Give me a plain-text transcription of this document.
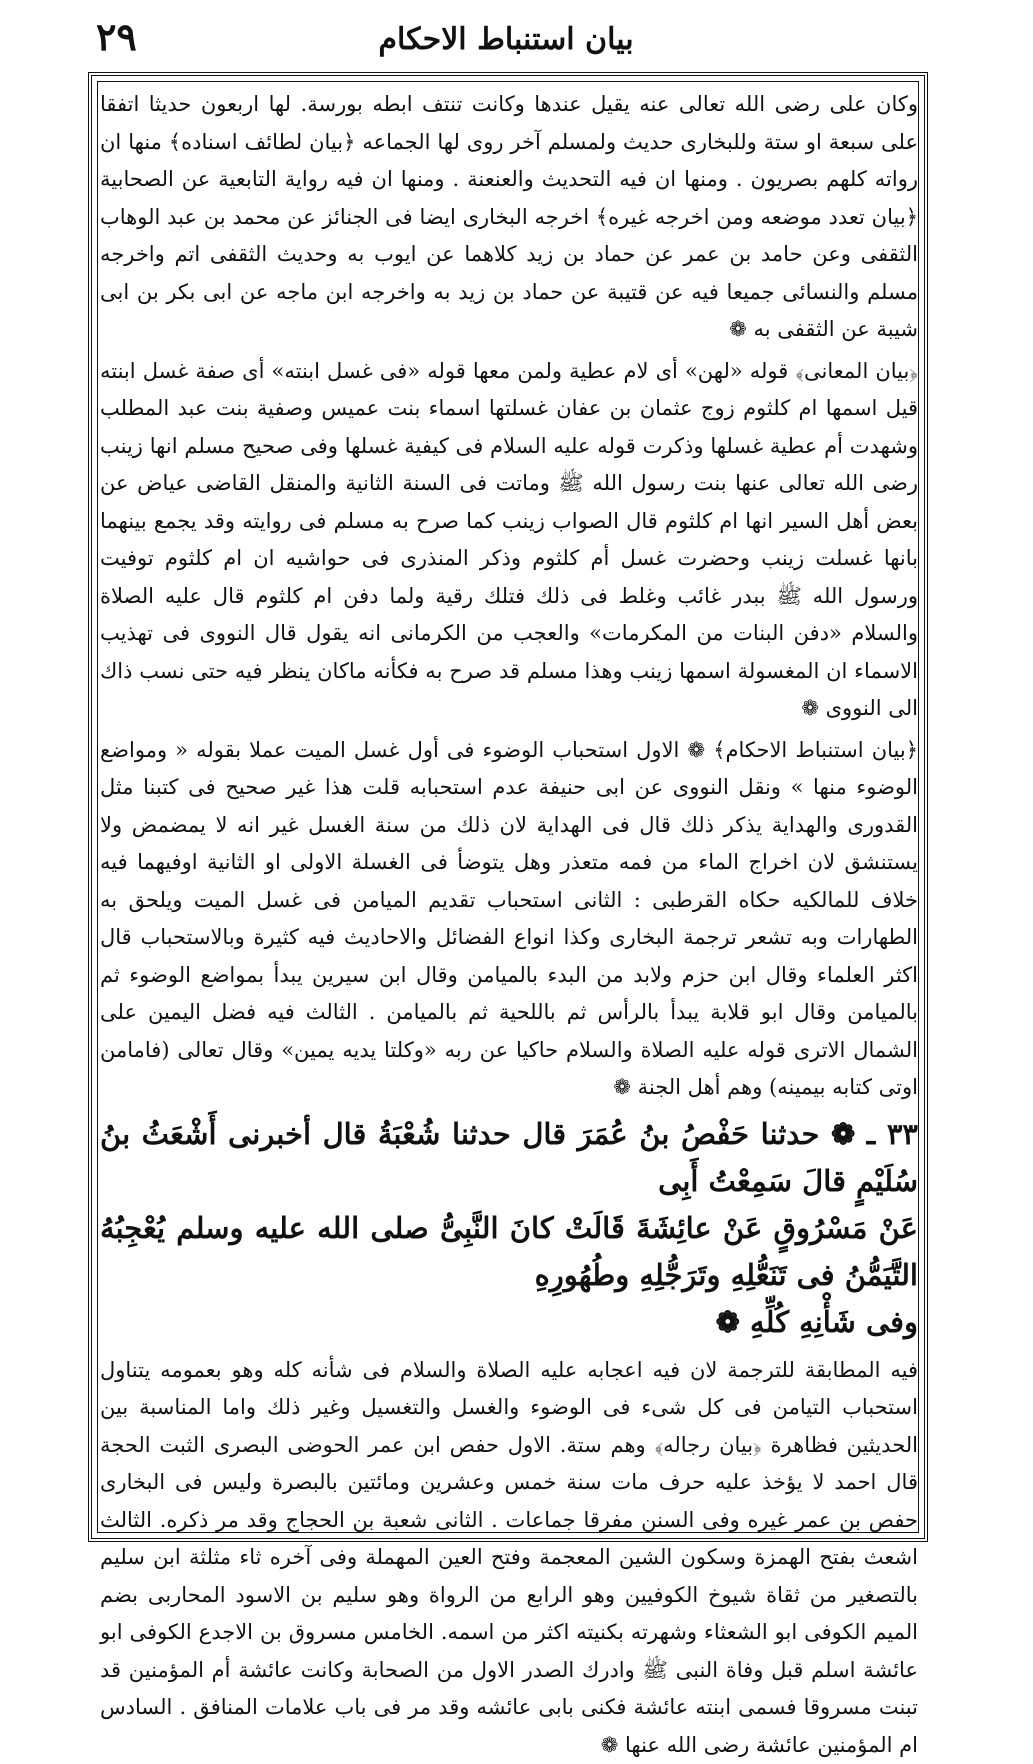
بيان استنباط الاحكام
٢٩

وكان على رضى الله تعالى عنه يقيل عندها وكانت تنتف ابطه بورسة. لها اربعون حديثا اتفقا على سبعة او ستة وللبخارى حديث ولمسلم آخر روى لها الجماعه ﴿بيان لطائف اسناده﴾ منها ان رواته كلهم بصريون . ومنها ان فيه التحديث والعنعنة . ومنها ان فيه رواية التابعية عن الصحابية ﴿بيان تعدد موضعه ومن اخرجه غيره﴾ اخرجه البخارى ايضا فى الجنائز عن محمد بن عبد الوهاب الثقفى وعن حامد بن عمر عن حماد بن زيد كلاهما عن ايوب به وحديث الثقفى اتم واخرجه مسلم والنسائى جميعا فيه عن قتيبة عن حماد بن زيد به واخرجه ابن ماجه عن ابى بكر بن ابى شيبة عن الثقفى به ❁

﴿بيان المعانى﴾ قوله «لهن» أى لام عطية ولمن معها قوله «فى غسل ابنته» أى صفة غسل ابنته قيل اسمها ام كلثوم زوج عثمان بن عفان غسلتها اسماء بنت عميس وصفية بنت عبد المطلب وشهدت أم عطية غسلها وذكرت قوله عليه السلام فى كيفية غسلها وفى صحيح مسلم انها زينب رضى الله تعالى عنها بنت رسول الله ﷺ وماتت فى السنة الثانية والمنقل القاضى عياض عن بعض أهل السير انها ام كلثوم قال الصواب زينب كما صرح به مسلم فى روايته وقد يجمع بينهما بانها غسلت زينب وحضرت غسل أم كلثوم وذكر المنذرى فى حواشيه ان ام كلثوم توفيت ورسول الله ﷺ ببدر غائب وغلط فى ذلك فتلك رقية ولما دفن ام كلثوم قال عليه الصلاة والسلام «دفن البنات من المكرمات» والعجب من الكرمانى انه يقول قال النووى فى تهذيب الاسماء ان المغسولة اسمها زينب وهذا مسلم قد صرح به فكأنه ماكان ينظر فيه حتى نسب ذاك الى النووى ❁

﴿بيان استنباط الاحكام﴾ ❁ الاول استحباب الوضوء فى أول غسل الميت عملا بقوله « ومواضع الوضوء منها » ونقل النووى عن ابى حنيفة عدم استحبابه قلت هذا غير صحيح فى كتبنا مثل القدورى والهداية يذكر ذلك قال فى الهداية لان ذلك من سنة الغسل غير انه لا يمضمض ولا يستنشق لان اخراج الماء من فمه متعذر وهل يتوضأ فى الغسلة الاولى او الثانية اوفيهما فيه خلاف للمالكيه حكاه القرطبى : الثانى استحباب تقديم الميامن فى غسل الميت ويلحق به الطهارات وبه تشعر ترجمة البخارى وكذا انواع الفضائل والاحاديث فيه كثيرة وبالاستحباب قال اكثر العلماء وقال ابن حزم ولابد من البدء بالميامن وقال ابن سيرين يبدأ بمواضع الوضوء ثم بالميامن وقال ابو قلابة يبدأ بالرأس ثم باللحية ثم بالميامن . الثالث فيه فضل اليمين على الشمال الاترى قوله عليه الصلاة والسلام حاكيا عن ربه «وكلتا يديه يمين» وقال تعالى (فامامن اوتى كتابه بيمينه) وهم أهل الجنة ❁

٣٣ ـ ❁ حدثنا حَفْصُ بنُ عُمَرَ قال حدثنا شُعْبَةُ قال أخبرنى أَشْعَثُ بنُ سُلَيْمٍ قالَ سَمِعْتُ أَبِى
عَنْ مَسْرُوقٍ عَنْ عائِشَةَ قَالَتْ كانَ النَّبِىُّ صلى الله عليه وسلم يُعْجِبُهُ التَّيَمُّنُ فى تَنَعُّلِهِ وتَرَجُّلِهِ وطُهُورِهِ
وفى شَأْنِهِ كُلِّهِ ❁

فيه المطابقة للترجمة لان فيه اعجابه عليه الصلاة والسلام فى شأنه كله وهو بعمومه يتناول استحباب التيامن فى كل شىء فى الوضوء والغسل والتغسيل وغير ذلك واما المناسبة بين الحديثين فظاهرة ﴿بيان رجاله﴾ وهم ستة. الاول حفص ابن عمر الحوضى البصرى الثبت الحجة قال احمد لا يؤخذ عليه حرف مات سنة خمس وعشرين ومائتين بالبصرة وليس فى البخارى حفص بن عمر غيره وفى السنن مفرقا جماعات . الثانى شعبة بن الحجاج وقد مر ذكره. الثالث اشعث بفتح الهمزة وسكون الشين المعجمة وفتح العين المهملة وفى آخره ثاء مثلثة ابن سليم بالتصغير من ثقاة شيوخ الكوفيين وهو الرابع من الرواة وهو سليم بن الاسود المحاربى بضم الميم الكوفى ابو الشعثاء وشهرته بكنيته اكثر من اسمه. الخامس مسروق بن الاجدع الكوفى ابو عائشة اسلم قبل وفاة النبى ﷺ وادرك الصدر الاول من الصحابة وكانت عائشة أم المؤمنين قد تبنت مسروقا فسمى ابنته عائشة فكنى بابى عائشه وقد مر فى باب علامات المنافق . السادس ام المؤمنين عائشة رضى الله عنها ❁
